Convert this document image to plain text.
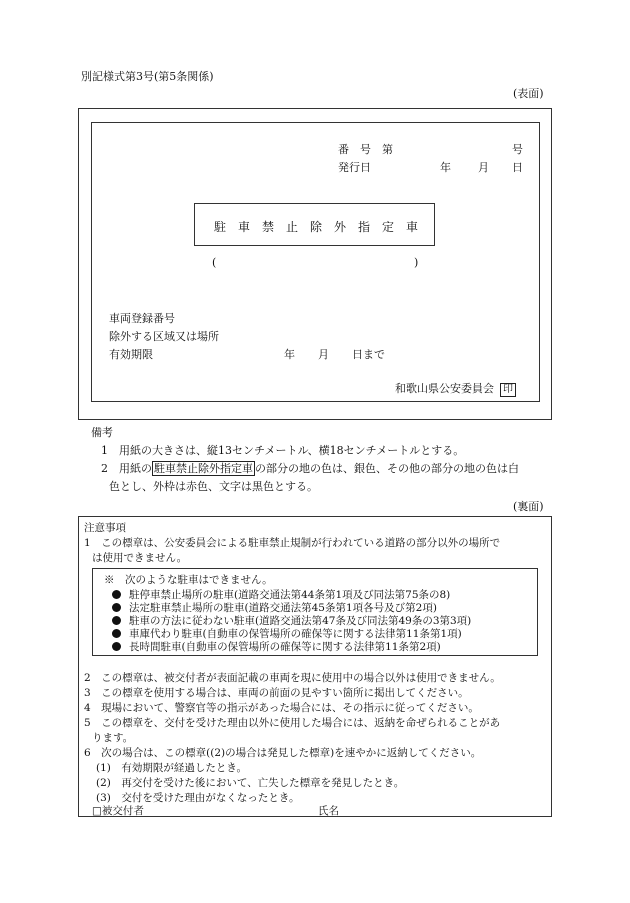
別記様式第3号(第5条関係)
(表面)
番　号　第	号
発行日	年 月 日
駐　車　禁　止　除　外　指　定　車
(	)
車両登録番号
除外する区域又は場所
有効期限	年 月 日まで
和歌山県公安委員会 印
備考
1　用紙の大きさは、縦13センチメートル、横18センチメートルとする。
2　用紙の 駐車禁止除外指定車 の部分の地の色は、銀色、その他の部分の地の色は白
色とし、外枠は赤色、文字は黒色とする。
(裏面)
注意事項
1　この標章は、公安委員会による駐車禁止規制が行われている道路の部分以外の場所で
は使用できません。
※　次のような駐車はできません。
駐停車禁止場所の駐車(道路交通法第44条第1項及び同法第75条の8)
法定駐車禁止場所の駐車(道路交通法第45条第1項各号及び第2項)
駐車の方法に従わない駐車(道路交通法第47条及び同法第49条の3第3項)
車庫代わり駐車(自動車の保管場所の確保等に関する法律第11条第1項)
長時間駐車(自動車の保管場所の確保等に関する法律第11条第2項)
2　この標章は、被交付者が表面記載の車両を現に使用中の場合以外は使用できません。
3　この標章を使用する場合は、車両の前面の見やすい箇所に掲出してください。
4　現場において、警察官等の指示があった場合には、その指示に従ってください。
5　この標章を、交付を受けた理由以外に使用した場合には、返納を命ぜられることがあ
ります。
6　次の場合は、この標章((2)の場合は発見した標章)を速やかに返納してください。
(1)　有効期限が経過したとき。
(2)　再交付を受けた後において、亡失した標章を発見したとき。
(3)　交付を受けた理由がなくなったとき。
□被交付者	氏名
